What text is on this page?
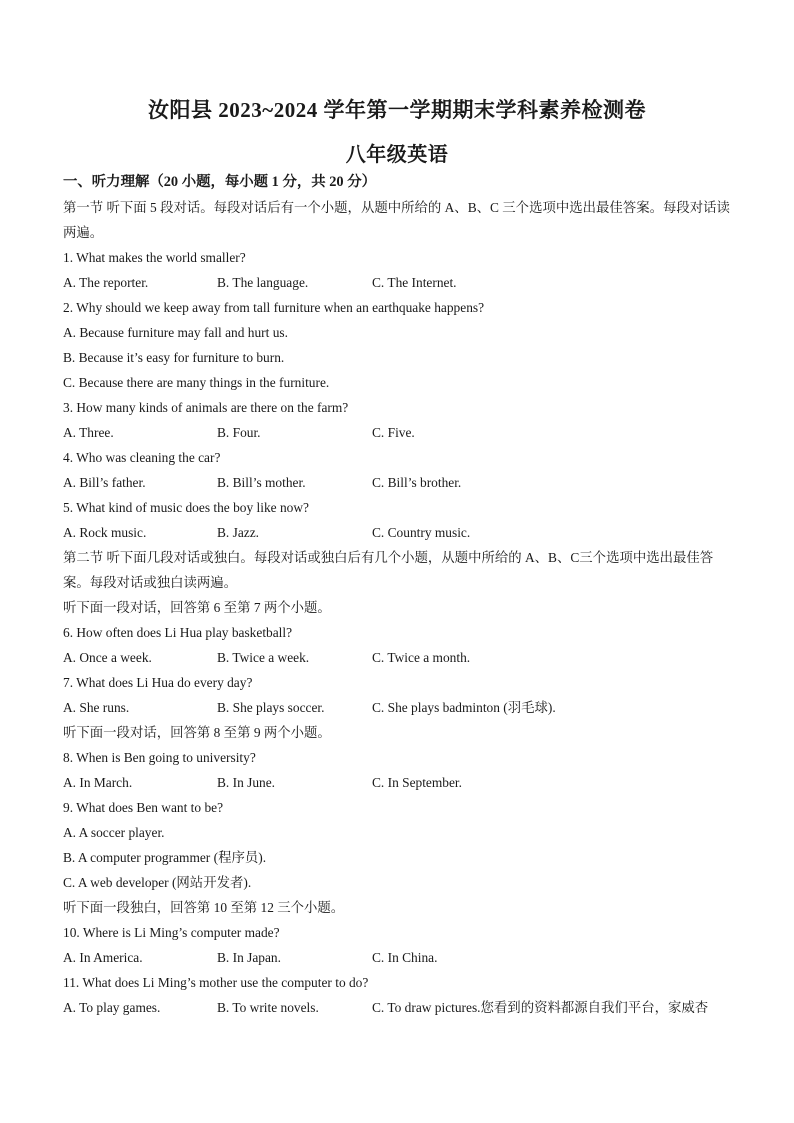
汝阳县 2023~2024 学年第一学期期末学科素养检测卷
八年级英语
一、听力理解（20 小题，每小题 1 分，共 20 分）
第一节 听下面 5 段对话。每段对话后有一个小题，从题中所给的 A、B、C 三个选项中选出最佳答案。每段对话读两遍。
1. What makes the world smaller?
A. The reporter.	B. The language.	C. The Internet.
2. Why should we keep away from tall furniture when an earthquake happens?
A. Because furniture may fall and hurt us.
B. Because it’s easy for furniture to burn.
C. Because there are many things in the furniture.
3. How many kinds of animals are there on the farm?
A. Three.	B. Four.	C. Five.
4. Who was cleaning the car?
A. Bill’s father.	B. Bill’s mother.	C. Bill’s brother.
5. What kind of music does the boy like now?
A. Rock music.	B. Jazz.	C. Country music.
第二节 听下面几段对话或独白。每段对话或独白后有几个小题，从题中所给的 A、B、C三个选项中选出最佳答案。每段对话或独白读两遍。
听下面一段对话，回答第 6 至第 7 两个小题。
6. How often does Li Hua play basketball?
A. Once a week.	B. Twice a week.	C. Twice a month.
7. What does Li Hua do every day?
A. She runs.	B. She plays soccer.	C. She plays badminton (羽毛球).
听下面一段对话，回答第 8 至第 9 两个小题。
8. When is Ben going to university?
A. In March.	B. In June.	C. In September.
9. What does Ben want to be?
A. A soccer player.
B. A computer programmer (程序员).
C. A web developer (网站开发者).
听下面一段独白，回答第 10 至第 12 三个小题。
10. Where is Li Ming’s computer made?
A. In America.	B. In Japan.	C. In China.
11. What does Li Ming’s mother use the computer to do?
A. To play games.	B. To write novels.	C. To draw pictures.您看到的资料都源自我们平台，家威杏
